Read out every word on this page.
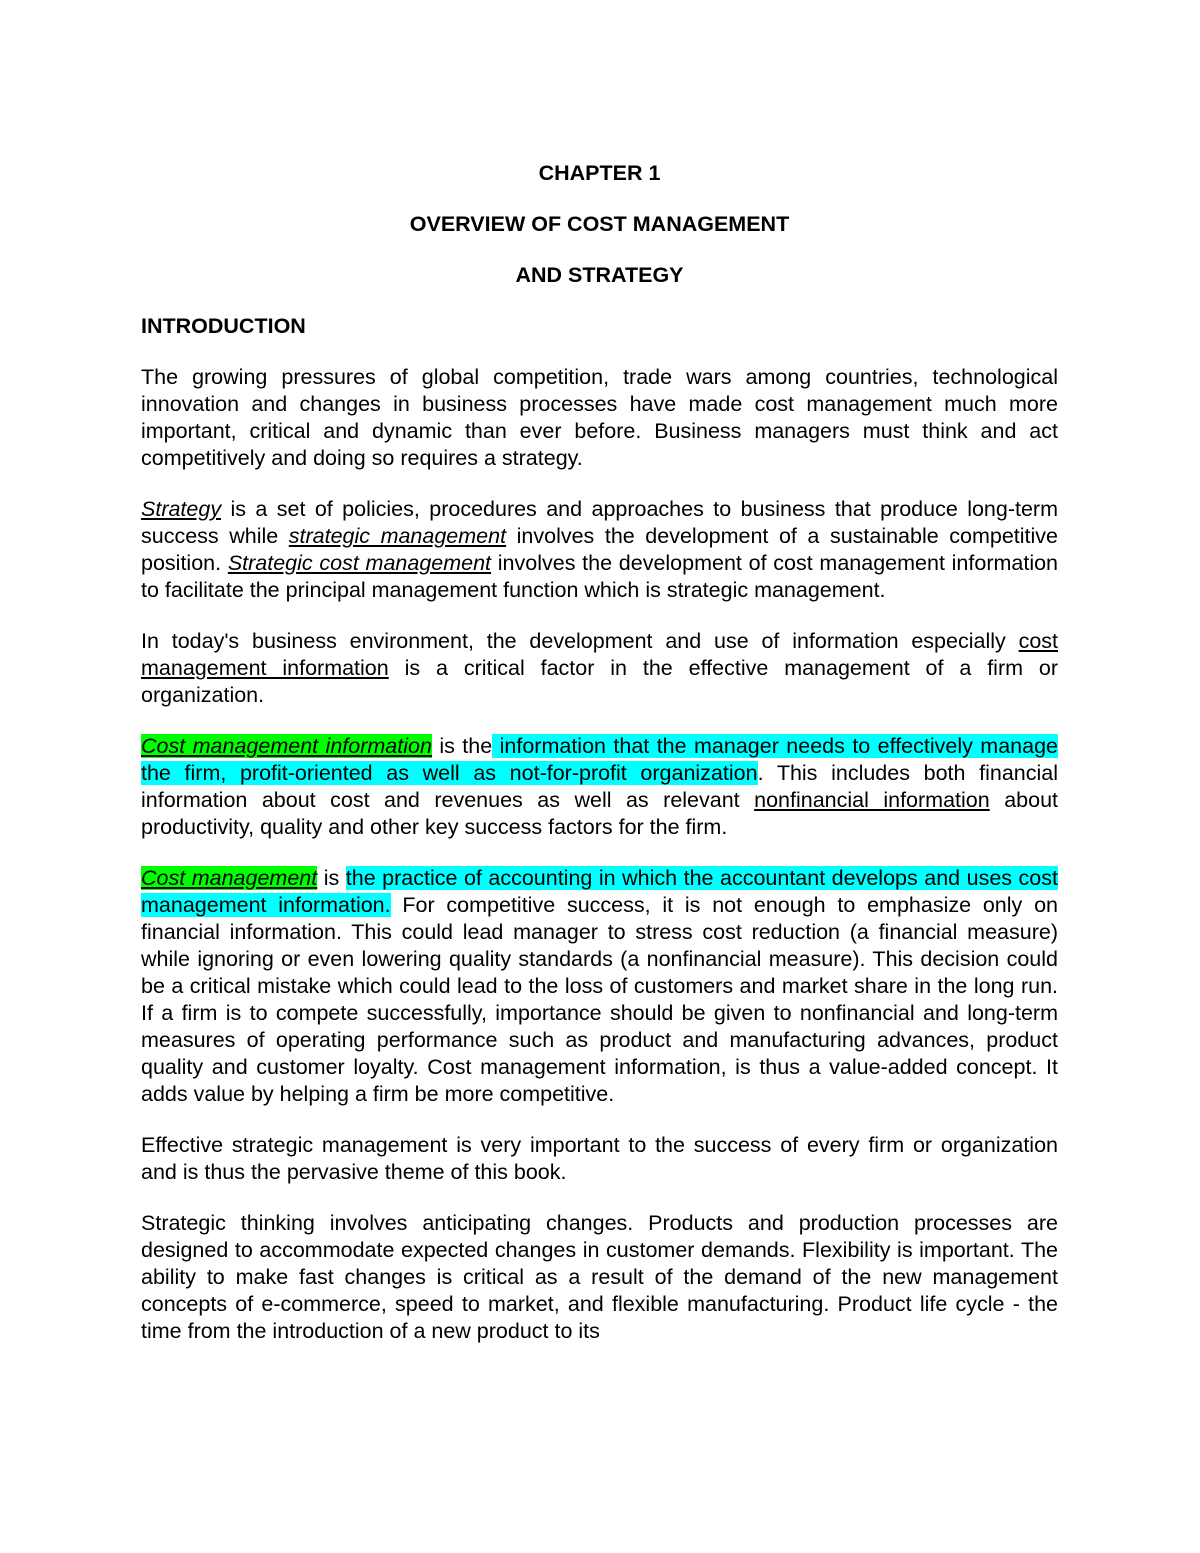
CHAPTER 1
OVERVIEW OF COST MANAGEMENT
AND STRATEGY
INTRODUCTION

The growing pressures of global competition, trade wars among countries, technological innovation and changes in business processes have made cost management much more important, critical and dynamic than ever before. Business managers must think and act competitively and doing so requires a strategy.

Strategy is a set of policies, procedures and approaches to business that produce long-term success while strategic management involves the development of a sustainable competitive position. Strategic cost management involves the development of cost management information to facilitate the principal management function which is strategic management.

In today's business environment, the development and use of information especially cost management information is a critical factor in the effective management of a firm or organization.

Cost management information is the information that the manager needs to effectively manage the firm, profit-oriented as well as not-for-profit organization. This includes both financial information about cost and revenues as well as relevant nonfinancial information about productivity, quality and other key success factors for the firm.

Cost management is the practice of accounting in which the accountant develops and uses cost management information. For competitive success, it is not enough to emphasize only on financial information. This could lead manager to stress cost reduction (a financial measure) while ignoring or even lowering quality standards (a nonfinancial measure). This decision could be a critical mistake which could lead to the loss of customers and market share in the long run. If a firm is to compete successfully, importance should be given to nonfinancial and long-term measures of operating performance such as product and manufacturing advances, product quality and customer loyalty. Cost management information, is thus a value-added concept. It adds value by helping a firm be more competitive.

Effective strategic management is very important to the success of every firm or organization and is thus the pervasive theme of this book.

Strategic thinking involves anticipating changes. Products and production processes are designed to accommodate expected changes in customer demands. Flexibility is important. The ability to make fast changes is critical as a result of the demand of the new management concepts of e-commerce, speed to market, and flexible manufacturing. Product life cycle - the time from the introduction of a new product to its
